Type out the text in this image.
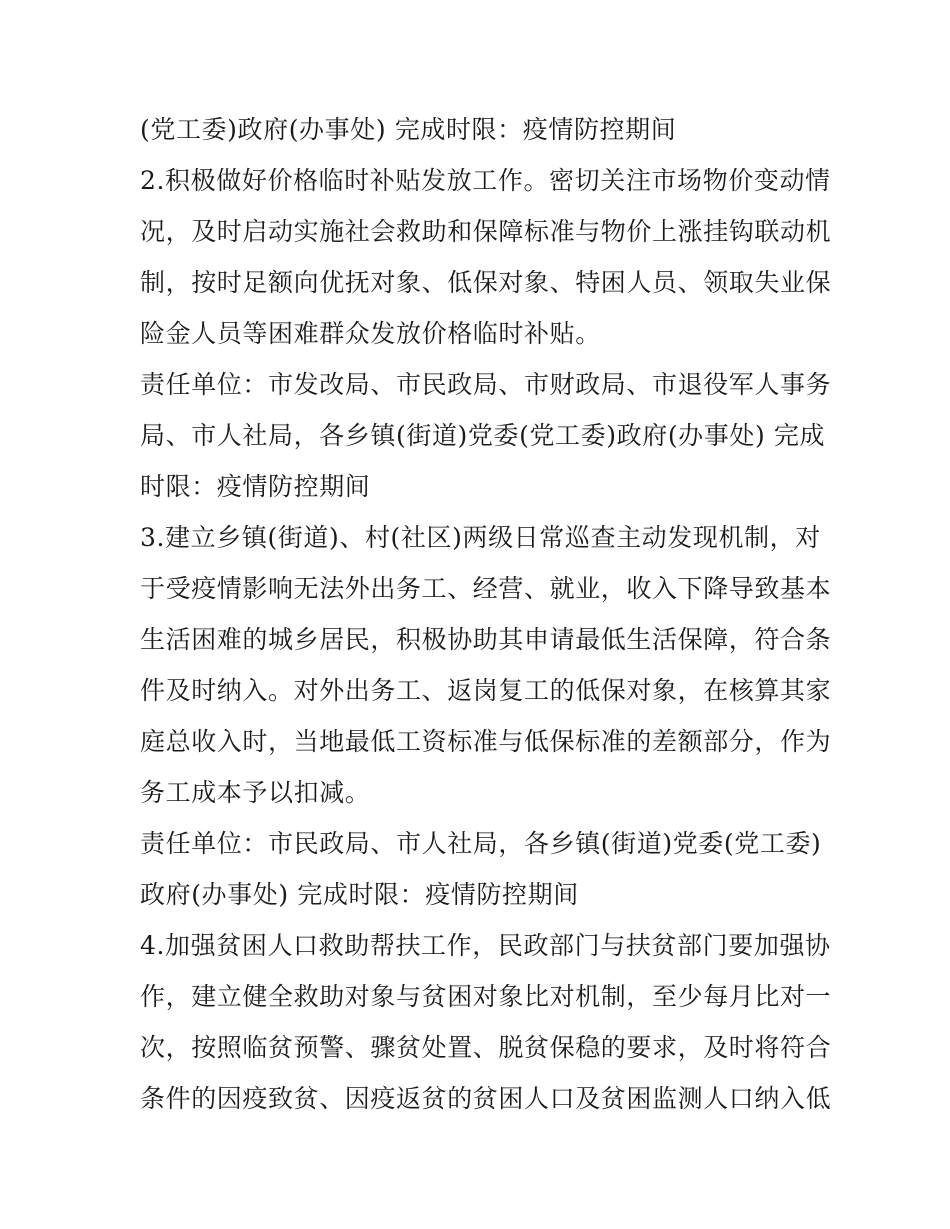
(党工委)政府(办事处) 完成时限：疫情防控期间
2.积极做好价格临时补贴发放工作。密切关注市场物价变动情
况，及时启动实施社会救助和保障标准与物价上涨挂钩联动机
制，按时足额向优抚对象、低保对象、特困人员、领取失业保
险金人员等困难群众发放价格临时补贴。
责任单位：市发改局、市民政局、市财政局、市退役军人事务
局、市人社局，各乡镇(街道)党委(党工委)政府(办事处) 完成
时限：疫情防控期间
3.建立乡镇(街道)、村(社区)两级日常巡查主动发现机制，对
于受疫情影响无法外出务工、经营、就业，收入下降导致基本
生活困难的城乡居民，积极协助其申请最低生活保障，符合条
件及时纳入。对外出务工、返岗复工的低保对象，在核算其家
庭总收入时，当地最低工资标准与低保标准的差额部分，作为
务工成本予以扣减。
责任单位：市民政局、市人社局，各乡镇(街道)党委(党工委)
政府(办事处) 完成时限：疫情防控期间
4.加强贫困人口救助帮扶工作，民政部门与扶贫部门要加强协
作，建立健全救助对象与贫困对象比对机制，至少每月比对一
次，按照临贫预警、骤贫处置、脱贫保稳的要求，及时将符合
条件的因疫致贫、因疫返贫的贫困人口及贫困监测人口纳入低
